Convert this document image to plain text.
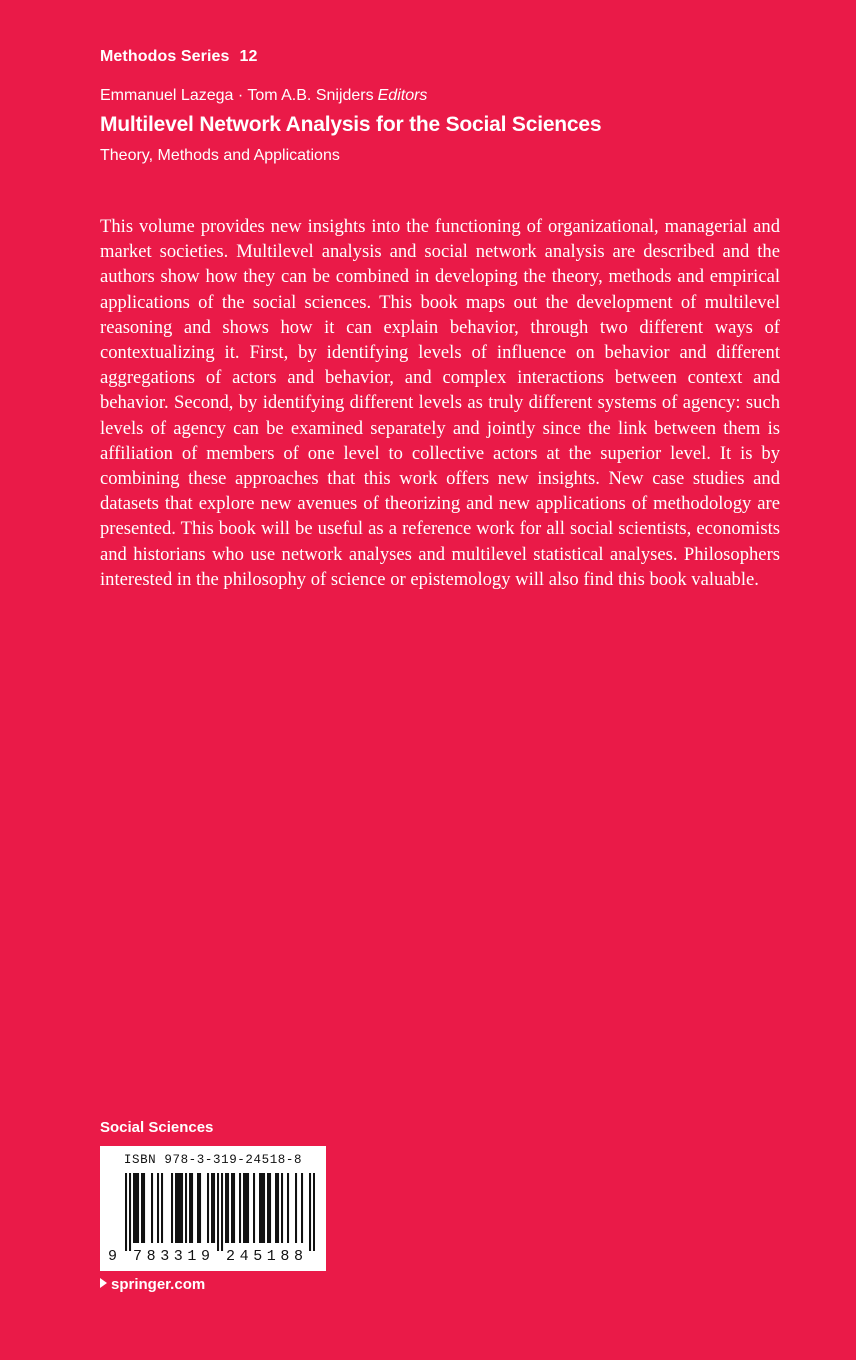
Methodos Series 12
Emmanuel Lazega · Tom A.B. Snijders Editors
Multilevel Network Analysis for the Social Sciences
Theory, Methods and Applications

This volume provides new insights into the functioning of organizational, managerial and market societies. Multilevel analysis and social network analysis are described and the authors show how they can be combined in developing the theory, methods and empirical applications of the social sciences. This book maps out the development of multilevel reasoning and shows how it can explain behavior, through two different ways of contextualizing it. First, by identifying levels of influence on behavior and different aggregations of actors and behavior, and complex interactions between context and behavior. Second, by identifying different levels as truly different systems of agency: such levels of agency can be examined separately and jointly since the link between them is affiliation of members of one level to collective actors at the superior level. It is by combining these approaches that this work offers new insights. New case studies and datasets that explore new avenues of theorizing and new applications of methodology are presented. This book will be useful as a reference work for all social scientists, economists and historians who use network analyses and multilevel statistical analyses. Philosophers interested in the philosophy of science or epistemology will also find this book valuable.

Social Sciences
ISBN 978-3-319-24518-8
9 783319 245188
springer.com
